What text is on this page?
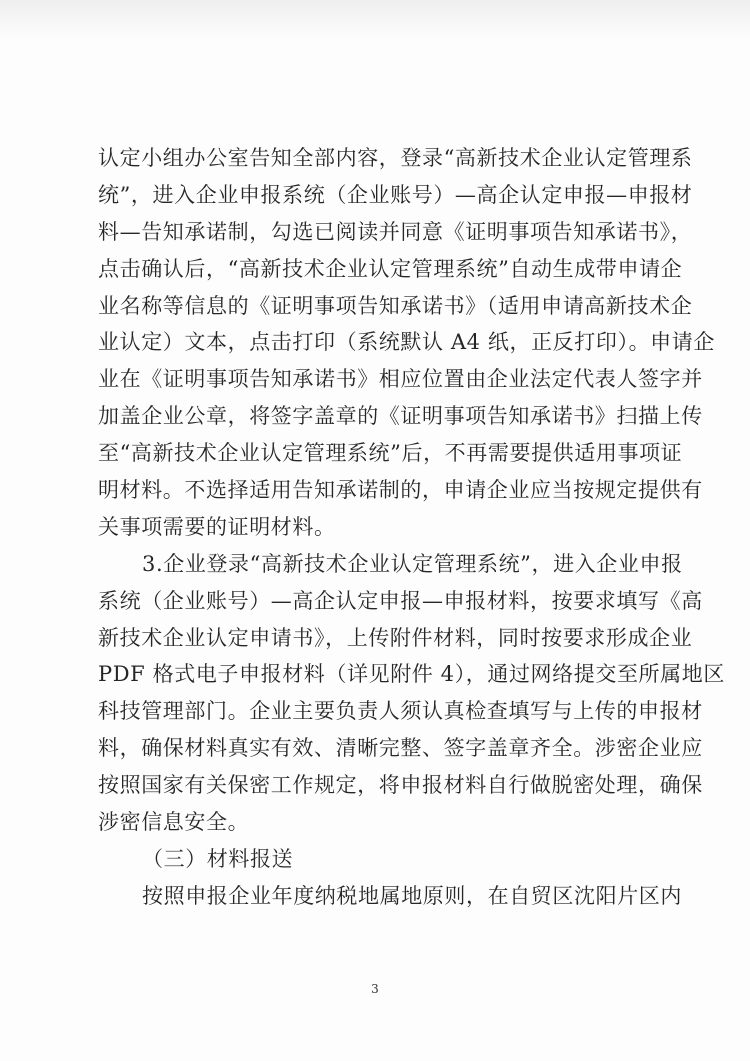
认定小组办公室告知全部内容，登录“高新技术企业认定管理系
统”，进入企业申报系统（企业账号）—高企认定申报—申报材
料—告知承诺制，勾选已阅读并同意《证明事项告知承诺书》，
点击确认后，“高新技术企业认定管理系统”自动生成带申请企
业名称等信息的《证明事项告知承诺书》（适用申请高新技术企
业认定）文本，点击打印（系统默认 A4 纸，正反打印）。申请企
业在《证明事项告知承诺书》相应位置由企业法定代表人签字并
加盖企业公章，将签字盖章的《证明事项告知承诺书》扫描上传
至“高新技术企业认定管理系统”后，不再需要提供适用事项证
明材料。不选择适用告知承诺制的，申请企业应当按规定提供有
关事项需要的证明材料。
3.企业登录“高新技术企业认定管理系统”，进入企业申报
系统（企业账号）—高企认定申报—申报材料，按要求填写《高
新技术企业认定申请书》，上传附件材料，同时按要求形成企业
PDF 格式电子申报材料（详见附件 4），通过网络提交至所属地区
科技管理部门。企业主要负责人须认真检查填写与上传的申报材
料，确保材料真实有效、清晰完整、签字盖章齐全。涉密企业应
按照国家有关保密工作规定，将申报材料自行做脱密处理，确保
涉密信息安全。
（三）材料报送
按照申报企业年度纳税地属地原则，在自贸区沈阳片区内
3
